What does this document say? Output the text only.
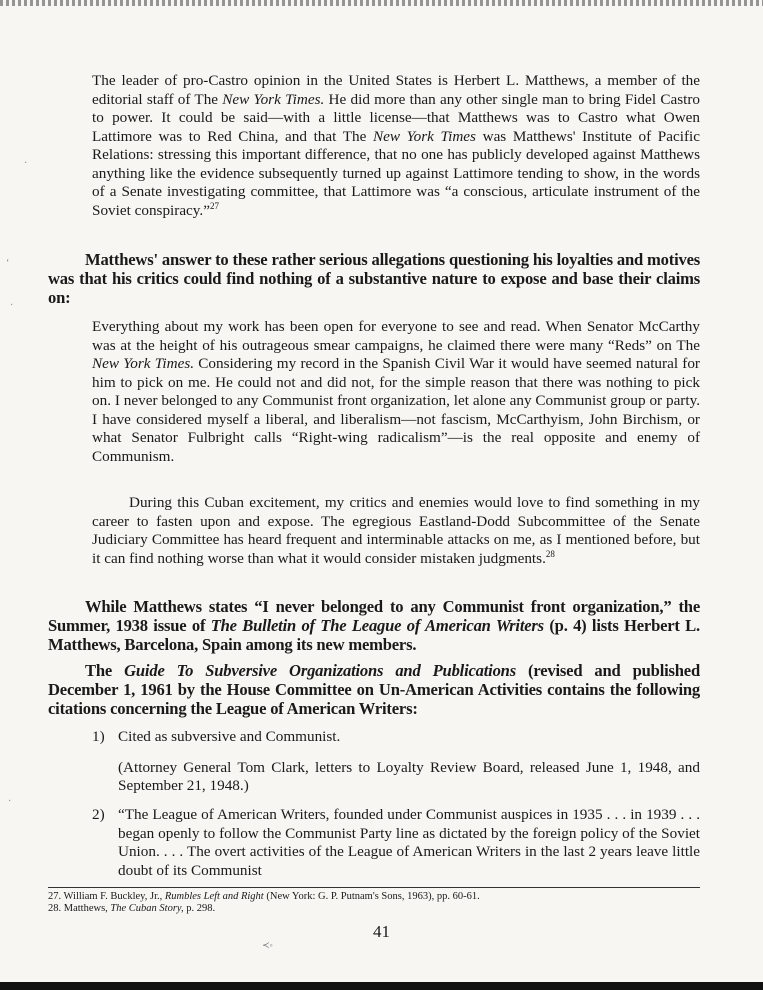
The leader of pro-Castro opinion in the United States is Herbert L. Matthews, a member of the editorial staff of The New York Times. He did more than any other single man to bring Fidel Castro to power. It could be said—with a little license—that Matthews was to Castro what Owen Lattimore was to Red China, and that The New York Times was Matthews' Institute of Pacific Relations: stressing this important difference, that no one has publicly developed against Matthews anything like the evidence subsequently turned up against Lattimore tending to show, in the words of a Senate investigating committee, that Lattimore was “a conscious, articulate instrument of the Soviet conspiracy.”$^{27}$
Matthews' answer to these rather serious allegations questioning his loyalties and motives was that his critics could find nothing of a substantive nature to expose and base their claims on:
Everything about my work has been open for everyone to see and read. When Senator McCarthy was at the height of his outrageous smear campaigns, he claimed there were many “Reds” on The New York Times. Considering my record in the Spanish Civil War it would have seemed natural for him to pick on me. He could not and did not, for the simple reason that there was nothing to pick on. I never belonged to any Communist front organization, let alone any Communist group or party. I have considered myself a liberal, and liberalism—not fascism, McCarthyism, John Birchism, or what Senator Fulbright calls “Right-wing radicalism”—is the real opposite and enemy of Communism.
During this Cuban excitement, my critics and enemies would love to find something in my career to fasten upon and expose. The egregious Eastland-Dodd Subcommittee of the Senate Judiciary Committee has heard frequent and interminable attacks on me, as I mentioned before, but it can find nothing worse than what it would consider mistaken judgments.$^{28}$
While Matthews states “I never belonged to any Communist front organization,” the Summer, 1938 issue of The Bulletin of The League of American Writers (p. 4) lists Herbert L. Matthews, Barcelona, Spain among its new members.
The Guide To Subversive Organizations and Publications (revised and published December 1, 1961 by the House Committee on Un-American Activities contains the following citations concerning the League of American Writers:
1) Cited as subversive and Communist.
(Attorney General Tom Clark, letters to Loyalty Review Board, released June 1, 1948, and September 21, 1948.)
2) “The League of American Writers, founded under Communist auspices in 1935 . . . in 1939 . . . began openly to follow the Communist Party line as dictated by the foreign policy of the Soviet Union. . . . The overt activities of the League of American Writers in the last 2 years leave little doubt of its Communist
27. William F. Buckley, Jr., Rumbles Left and Right (New York: G. P. Putnam's Sons, 1963), pp. 60-61.
28. Matthews, The Cuban Story, p. 298.
41
·
ʻ
·
·
≺◦
